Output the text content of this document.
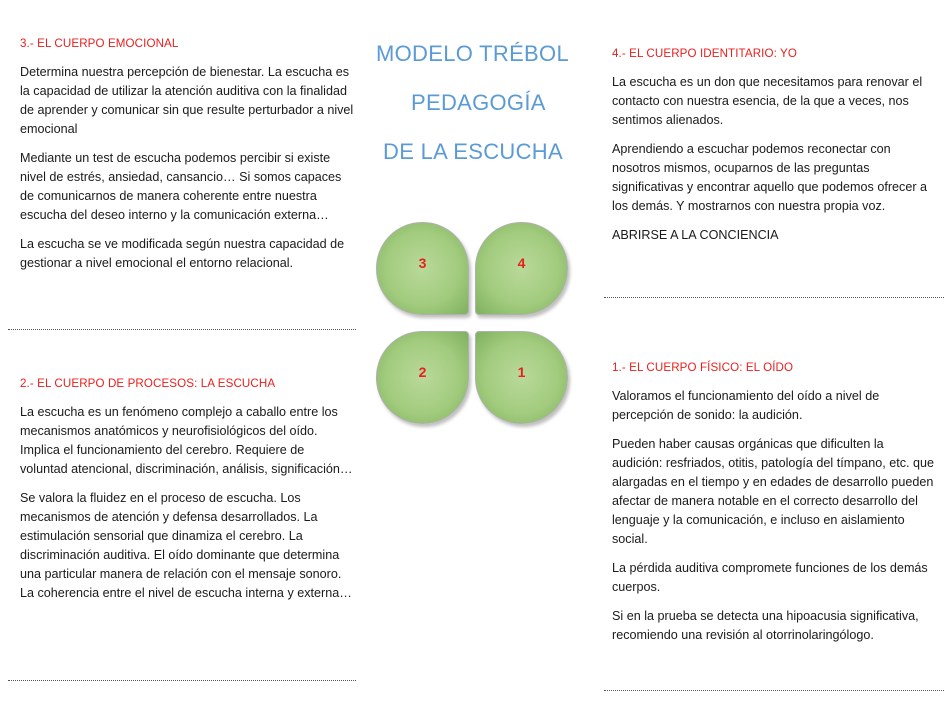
3.- EL CUERPO EMOCIONAL

Determina nuestra percepción de bienestar. La escucha es la capacidad de utilizar la atención auditiva con la finalidad de aprender y comunicar sin que resulte perturbador a nivel emocional

Mediante un test de escucha podemos percibir si existe nivel de estrés, ansiedad, cansancio… Si somos capaces de comunicarnos de manera coherente entre nuestra escucha del deseo interno y la comunicación externa…

La escucha se ve modificada según nuestra capacidad de gestionar a nivel emocional el entorno relacional.

2.- EL CUERPO DE PROCESOS: LA ESCUCHA

La escucha es un fenómeno complejo a caballo entre los mecanismos anatómicos y neurofisiológicos del oído. Implica el funcionamiento del cerebro. Requiere de voluntad atencional, discriminación, análisis, significación…

Se valora la fluidez en el proceso de escucha. Los mecanismos de atención y defensa desarrollados. La estimulación sensorial que dinamiza el cerebro. La discriminación auditiva. El oído dominante que determina una particular manera de relación con el mensaje sonoro. La coherencia entre el nivel de escucha interna y externa…

MODELO TRÉBOL
PEDAGOGÍA
DE LA ESCUCHA
3	4
2	1
4.- EL CUERPO IDENTITARIO: YO

La escucha es un don que necesitamos para renovar el contacto con nuestra esencia, de la que a veces, nos sentimos alienados.

Aprendiendo a escuchar podemos reconectar con nosotros mismos, ocuparnos de las preguntas significativas y encontrar aquello que podemos ofrecer a los demás. Y mostrarnos con nuestra propia voz.

ABRIRSE A LA CONCIENCIA

1.- EL CUERPO FÍSICO: EL OÍDO

Valoramos el funcionamiento del oído a nivel de percepción de sonido: la audición.

Pueden haber causas orgánicas que dificulten la audición: resfriados, otitis, patología del tímpano, etc. que alargadas en el tiempo y en edades de desarrollo pueden afectar de manera notable en el correcto desarrollo del lenguaje y la comunicación, e incluso en aislamiento social.

La pérdida auditiva compromete funciones de los demás cuerpos.

Si en la prueba se detecta una hipoacusia significativa, recomiendo una revisión al otorrinolaringólogo.
